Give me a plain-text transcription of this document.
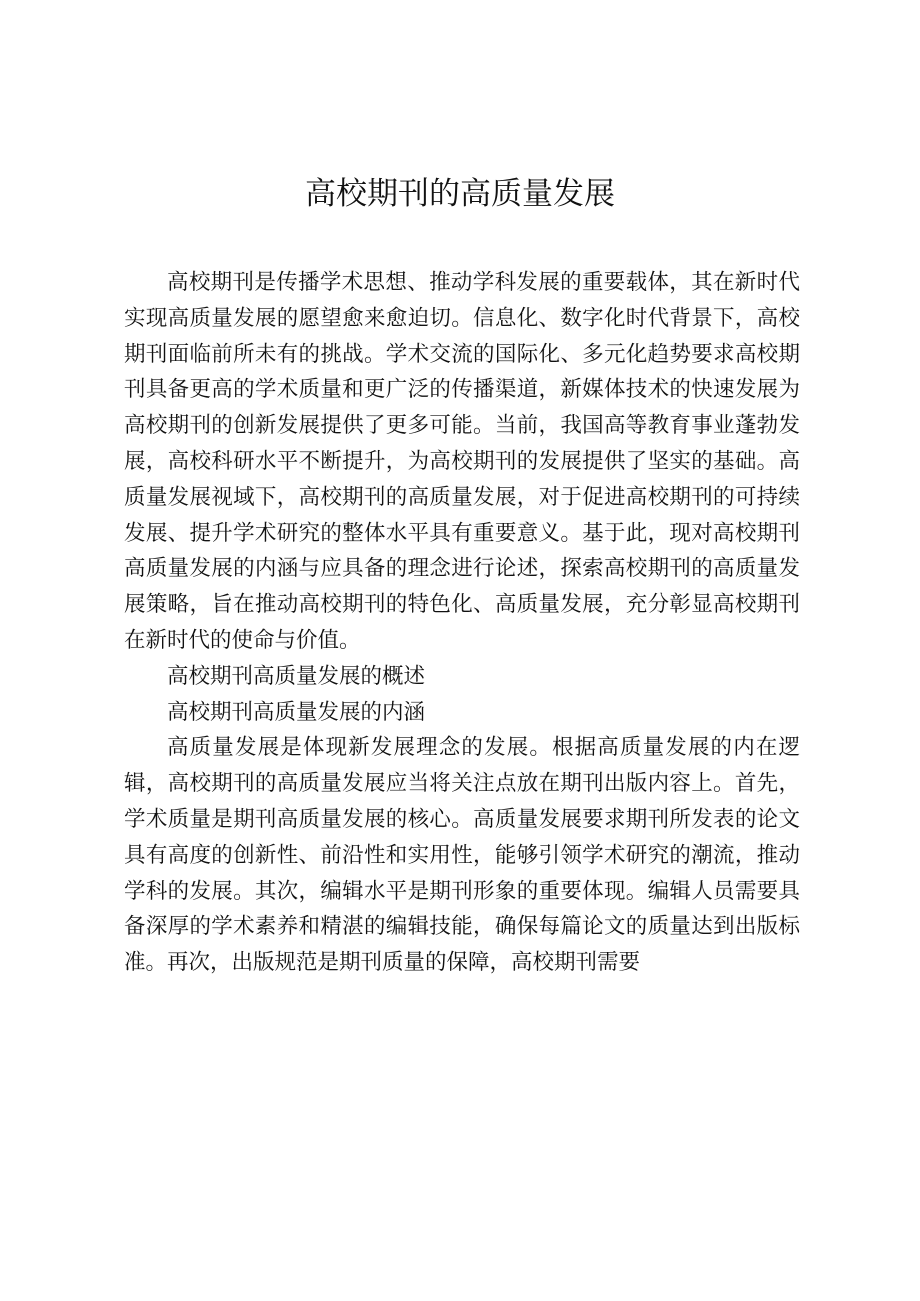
高校期刊的高质量发展

高校期刊是传播学术思想、推动学科发展的重要载体，其在新时代实现高质量发展的愿望愈来愈迫切。信息化、数字化时代背景下，高校期刊面临前所未有的挑战。学术交流的国际化、多元化趋势要求高校期刊具备更高的学术质量和更广泛的传播渠道，新媒体技术的快速发展为高校期刊的创新发展提供了更多可能。当前，我国高等教育事业蓬勃发展，高校科研水平不断提升，为高校期刊的发展提供了坚实的基础。高质量发展视域下，高校期刊的高质量发展，对于促进高校期刊的可持续发展、提升学术研究的整体水平具有重要意义。基于此，现对高校期刊高质量发展的内涵与应具备的理念进行论述，探索高校期刊的高质量发展策略，旨在推动高校期刊的特色化、高质量发展，充分彰显高校期刊在新时代的使命与价值。

高校期刊高质量发展的概述

高校期刊高质量发展的内涵

高质量发展是体现新发展理念的发展。根据高质量发展的内在逻辑，高校期刊的高质量发展应当将关注点放在期刊出版内容上。首先，学术质量是期刊高质量发展的核心。高质量发展要求期刊所发表的论文具有高度的创新性、前沿性和实用性，能够引领学术研究的潮流，推动学科的发展。其次，编辑水平是期刊形象的重要体现。编辑人员需要具备深厚的学术素养和精湛的编辑技能，确保每篇论文的质量达到出版标准。再次，出版规范是期刊质量的保障，高校期刊需要
